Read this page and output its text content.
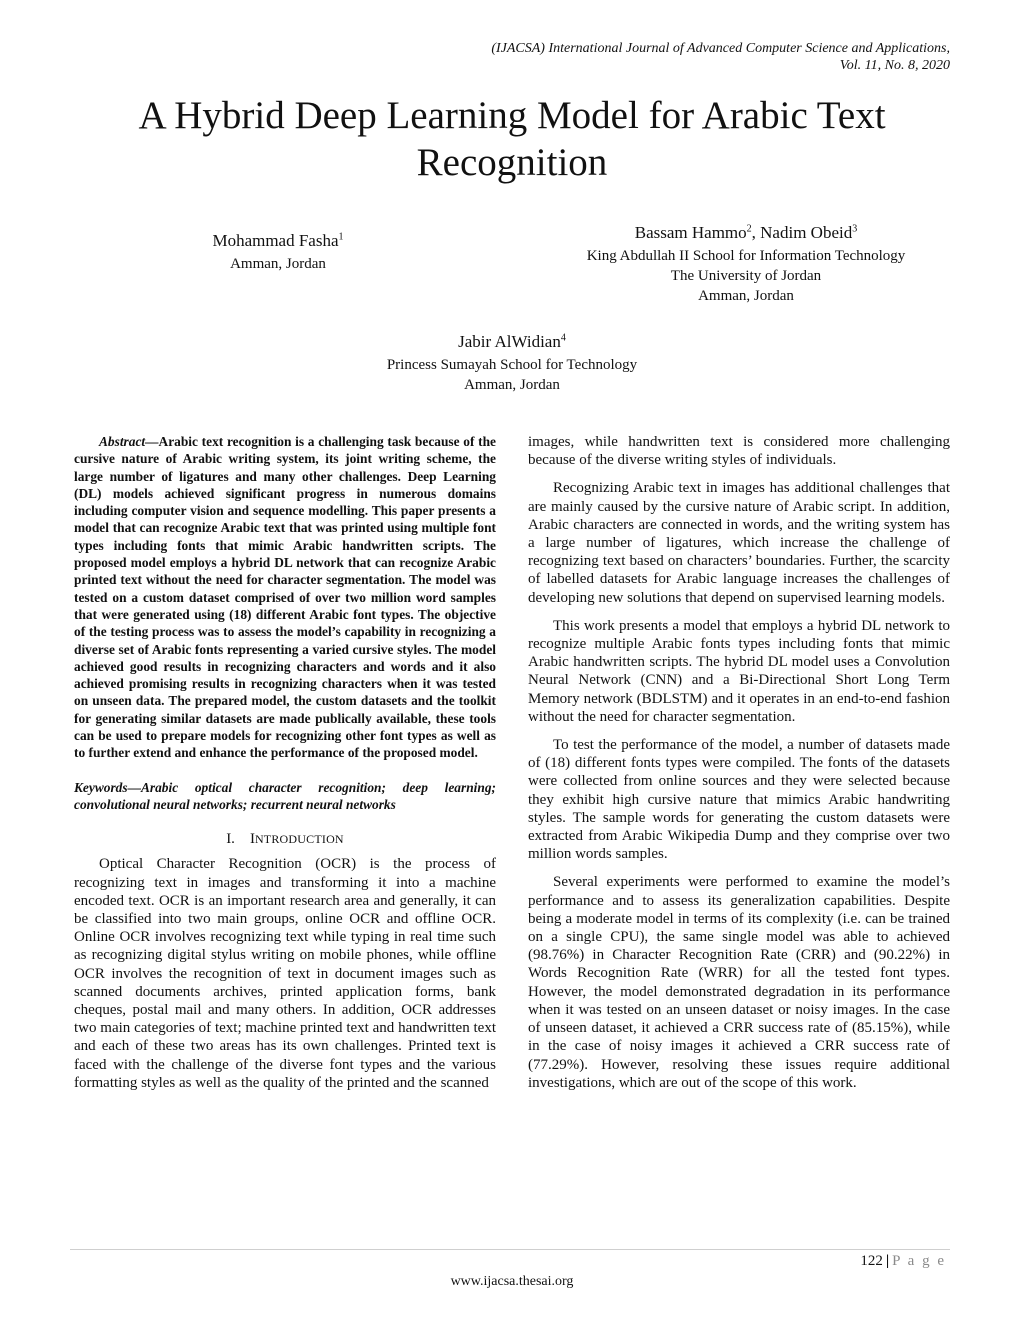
(IJACSA) International Journal of Advanced Computer Science and Applications,
Vol. 11, No. 8, 2020
A Hybrid Deep Learning Model for Arabic Text
Recognition
Mohammad Fasha$^1$
Amman, Jordan
Bassam Hammo$^2$, Nadim Obeid$^3$
King Abdullah II School for Information Technology
The University of Jordan
Amman, Jordan
Jabir AlWidian$^4$
Princess Sumayah School for Technology
Amman, Jordan

Abstract—Arabic text recognition is a challenging task because of the cursive nature of Arabic writing system, its joint writing scheme, the large number of ligatures and many other challenges. Deep Learning (DL) models achieved significant progress in numerous domains including computer vision and sequence modelling. This paper presents a model that can recognize Arabic text that was printed using multiple font types including fonts that mimic Arabic handwritten scripts. The proposed model employs a hybrid DL network that can recognize Arabic printed text without the need for character segmentation. The model was tested on a custom dataset comprised of over two million word samples that were generated using (18) different Arabic font types. The objective of the testing process was to assess the model’s capability in recognizing a diverse set of Arabic fonts representing a varied cursive styles. The model achieved good results in recognizing characters and words and it also achieved promising results in recognizing characters when it was tested on unseen data. The prepared model, the custom datasets and the toolkit for generating similar datasets are made publically available, these tools can be used to prepare models for recognizing other font types as well as to further extend and enhance the performance of the proposed model.

Keywords—Arabic optical character recognition; deep learning; convolutional neural networks; recurrent neural networks

I. INTRODUCTION

Optical Character Recognition (OCR) is the process of recognizing text in images and transforming it into a machine encoded text. OCR is an important research area and generally, it can be classified into two main groups, online OCR and offline OCR. Online OCR involves recognizing text while typing in real time such as recognizing digital stylus writing on mobile phones, while offline OCR involves the recognition of text in document images such as scanned documents archives, printed application forms, bank cheques, postal mail and many others. In addition, OCR addresses two main categories of text; machine printed text and handwritten text and each of these two areas has its own challenges. Printed text is faced with the challenge of the diverse font types and the various formatting styles as well as the quality of the printed and the scanned

images, while handwritten text is considered more challenging because of the diverse writing styles of individuals.

Recognizing Arabic text in images has additional challenges that are mainly caused by the cursive nature of Arabic script. In addition, Arabic characters are connected in words, and the writing system has a large number of ligatures, which increase the challenge of recognizing text based on characters’ boundaries. Further, the scarcity of labelled datasets for Arabic language increases the challenges of developing new solutions that depend on supervised learning models.

This work presents a model that employs a hybrid DL network to recognize multiple Arabic fonts types including fonts that mimic Arabic handwritten scripts. The hybrid DL model uses a Convolution Neural Network (CNN) and a Bi-Directional Short Long Term Memory network (BDLSTM) and it operates in an end-to-end fashion without the need for character segmentation.

To test the performance of the model, a number of datasets made of (18) different fonts types were compiled. The fonts of the datasets were collected from online sources and they were selected because they exhibit high cursive nature that mimics Arabic handwriting styles. The sample words for generating the custom datasets were extracted from Arabic Wikipedia Dump and they comprise over two million words samples.

Several experiments were performed to examine the model’s performance and to assess its generalization capabilities. Despite being a moderate model in terms of its complexity (i.e. can be trained on a single CPU), the same single model was able to achieved (98.76%) in Character Recognition Rate (CRR) and (90.22%) in Words Recognition Rate (WRR) for all the tested font types. However, the model demonstrated degradation in its performance when it was tested on an unseen dataset or noisy images. In the case of unseen dataset, it achieved a CRR success rate of (85.15%), while in the case of noisy images it achieved a CRR success rate of (77.29%). However, resolving these issues require additional investigations, which are out of the scope of this work.

122 | P a g e
www.ijacsa.thesai.org
